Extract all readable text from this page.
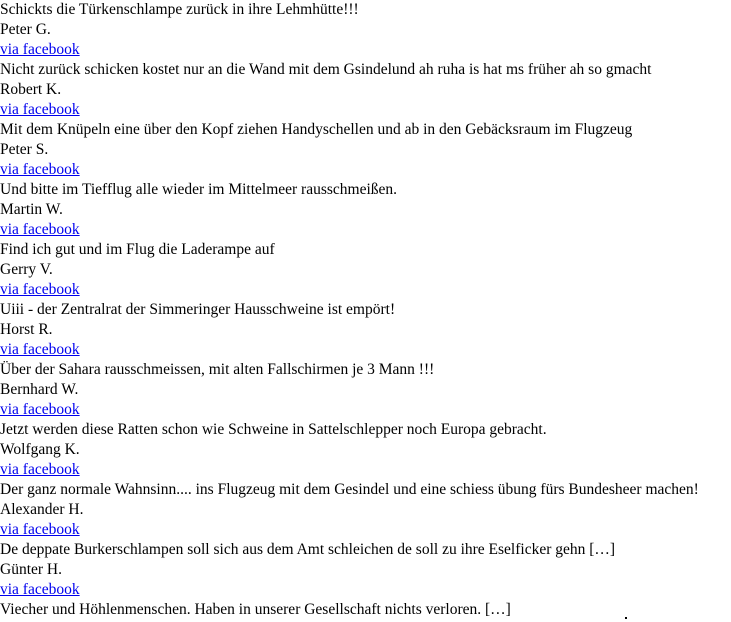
Schickts die Türkenschlampe zurück in ihre Lehmhütte!!!
Peter G.
via facebook
Nicht zurück schicken kostet nur an die Wand mit dem Gsindelund ah ruha is hat ms früher ah so gmacht
Robert K.
via facebook
Mit dem Knüpeln eine über den Kopf ziehen Handyschellen und ab in den Gebäcksraum im Flugzeug
Peter S.
via facebook
Und bitte im Tiefflug alle wieder im Mittelmeer rausschmeißen.
Martin W.
via facebook
Find ich gut und im Flug die Laderampe auf
Gerry V.
via facebook
Uiii - der Zentralrat der Simmeringer Hausschweine ist empört!
Horst R.
via facebook
Über der Sahara rausschmeissen, mit alten Fallschirmen je 3 Mann !!!
Bernhard W.
via facebook
Jetzt werden diese Ratten schon wie Schweine in Sattelschlepper noch Europa gebracht.
Wolfgang K.
via facebook
Der ganz normale Wahnsinn.... ins Flugzeug mit dem Gesindel und eine schiess übung fürs Bundesheer machen!
Alexander H.
via facebook
De deppate Burkerschlampen soll sich aus dem Amt schleichen de soll zu ihre Eselficker gehn […]
Günter H.
via facebook
Viecher und Höhlenmenschen. Haben in unserer Gesellschaft nichts verloren. […]
